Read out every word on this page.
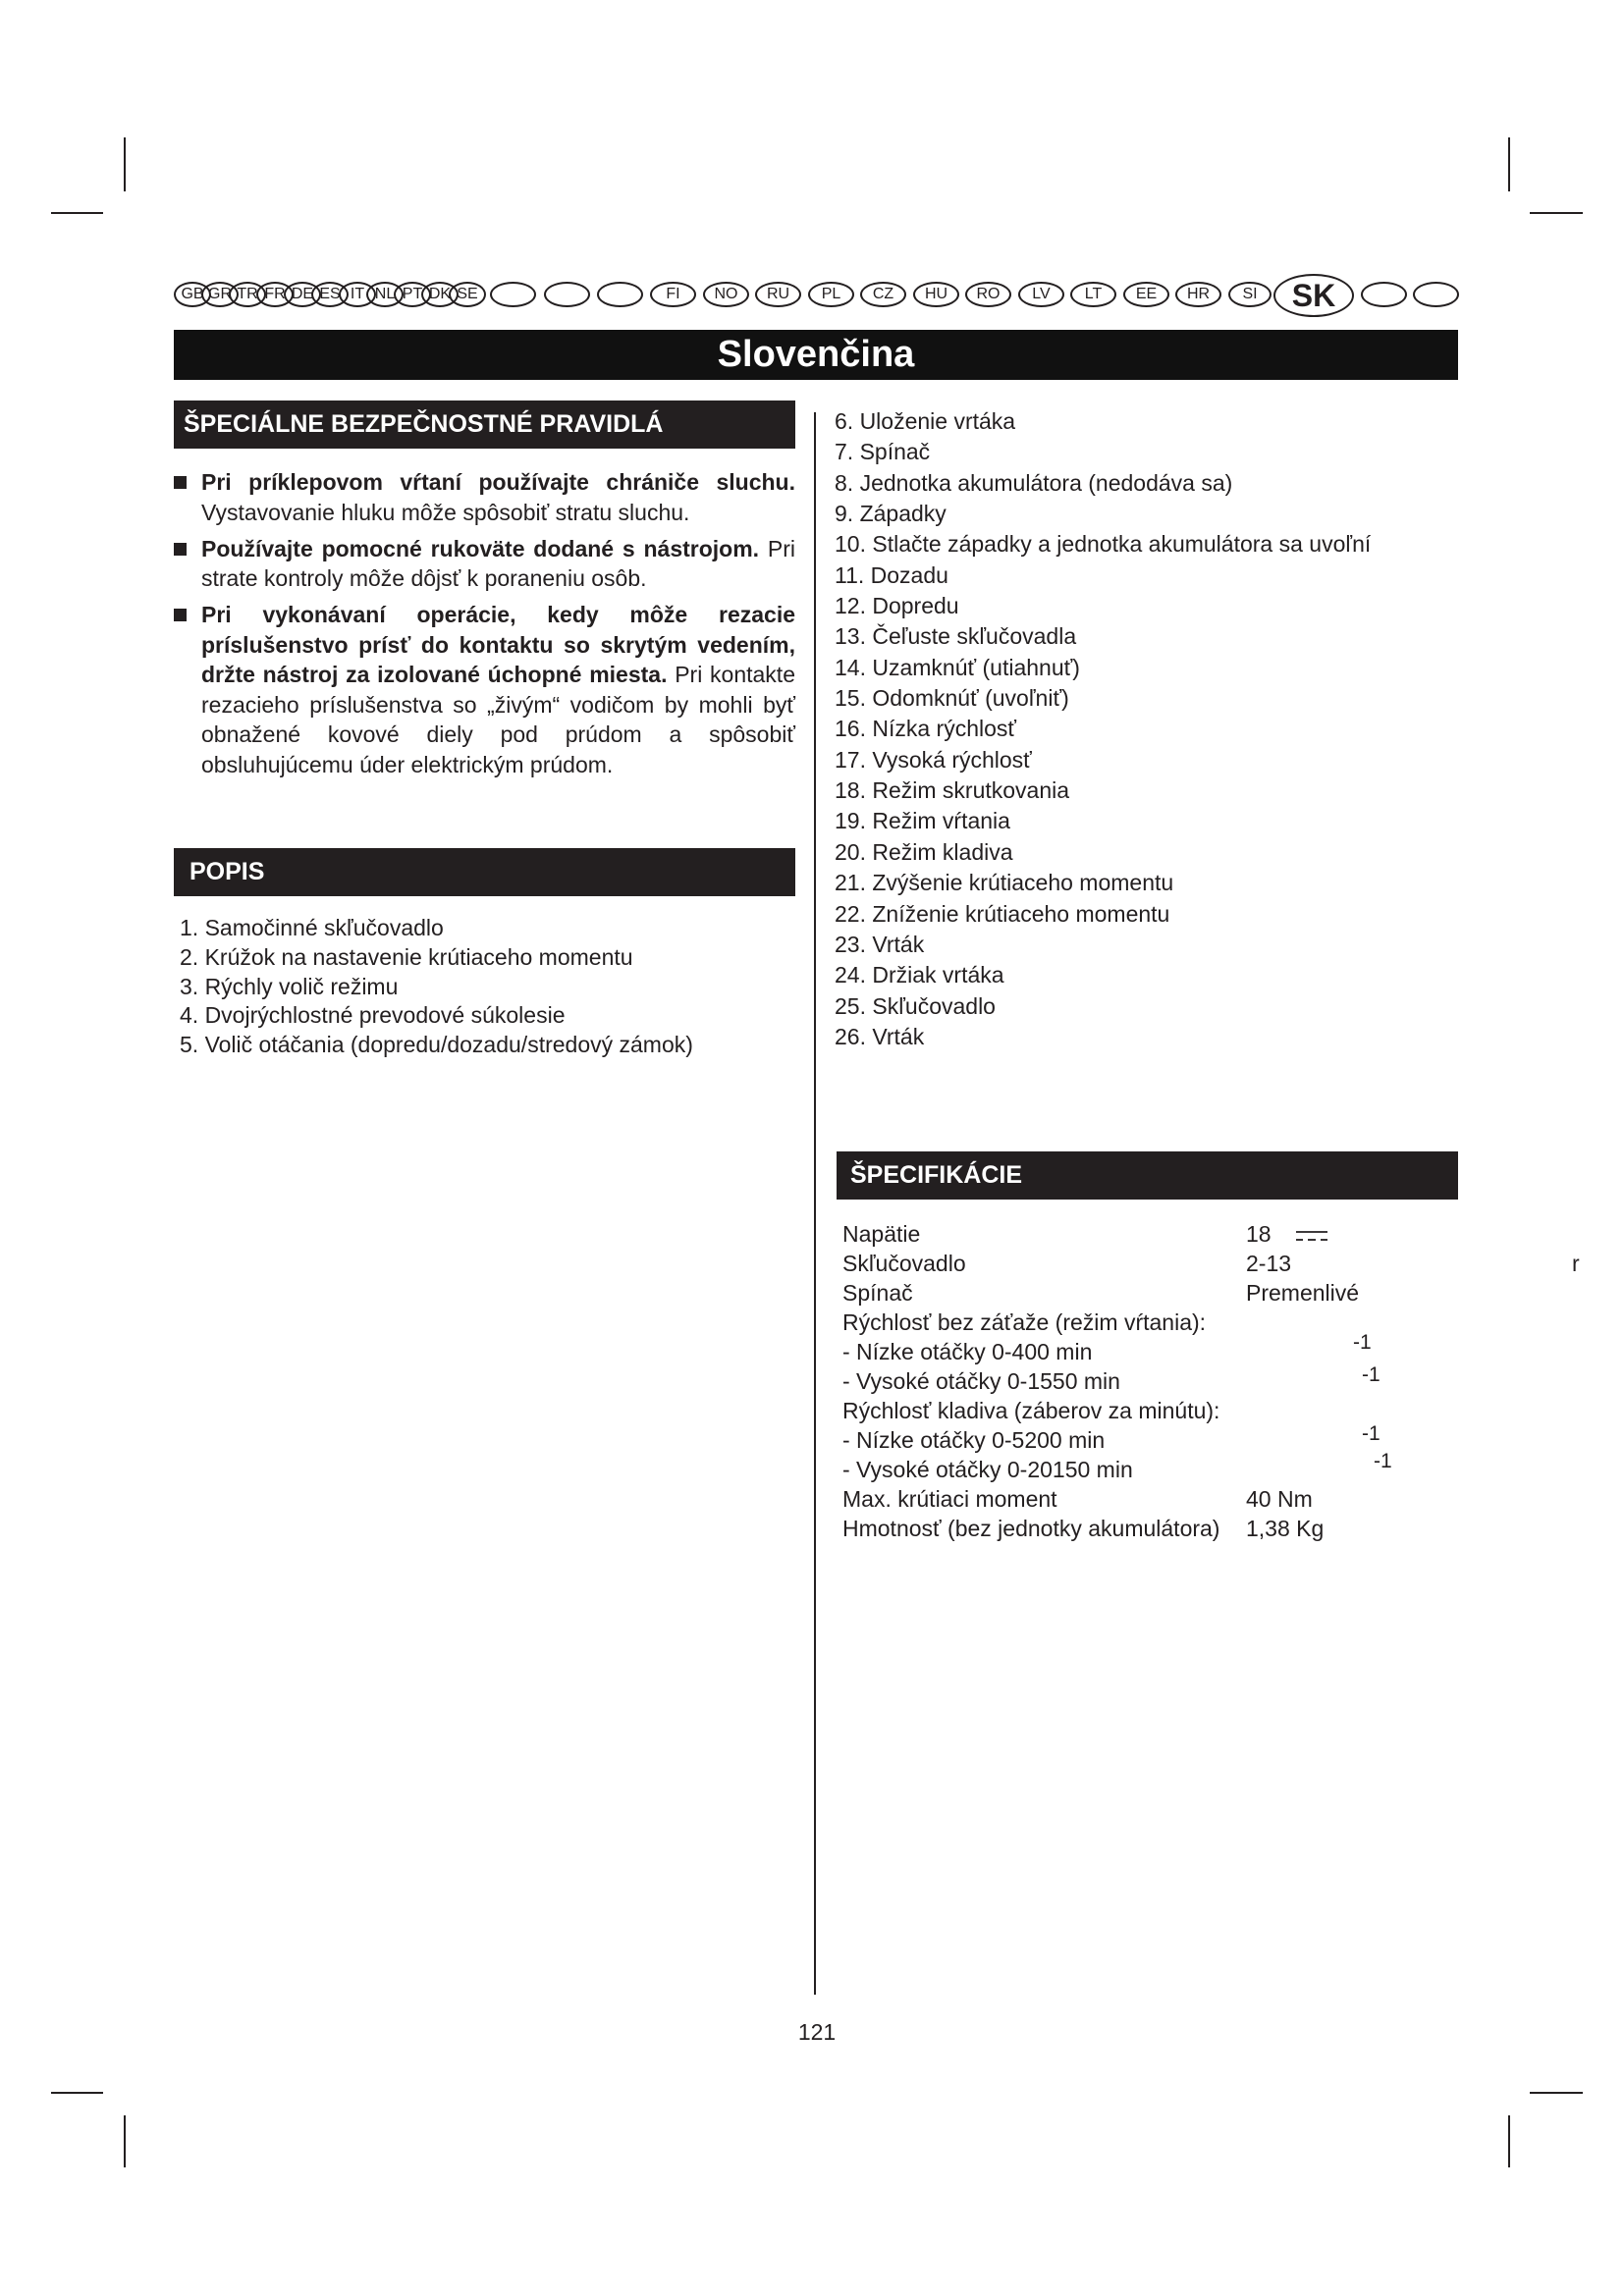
GB GR TR FR DE ES IT NL PT DK SE	FI	NO	RU	PL	CZ	HU	RO	LV	LT	EE	HR	SI	SK
Slovenčina
ŠPECIÁLNE BEZPEČNOSTNÉ PRAVIDLÁ
Pri príklepovom vŕtaní používajte chrániče sluchu. Vystavovanie hluku môže spôsobiť stratu sluchu.
Používajte pomocné rukoväte dodané s nástrojom. Pri strate kontroly môže dôjsť k poraneniu osôb.
Pri vykonávaní operácie, kedy môže rezacie príslušenstvo prísť do kontaktu so skrytým vedením, držte nástroj za izolované úchopné miesta. Pri kontakte rezacieho príslušenstva so „živým“ vodičom by mohli byť obnažené kovové diely pod prúdom a spôsobiť obsluhujúcemu úder elektrickým prúdom.
POPIS
1. Samočinné skľučovadlo
2. Krúžok na nastavenie krútiaceho momentu
3. Rýchly volič režimu
4. Dvojrýchlostné prevodové súkolesie
5. Volič otáčania (dopredu/dozadu/stredový zámok)
6. Uloženie vrtáka
7. Spínač
8. Jednotka akumulátora (nedodáva sa)
9. Západky
10. Stlačte západky a jednotka akumulátora sa uvoľní
11. Dozadu
12. Dopredu
13. Čeľuste skľučovadla
14. Uzamknúť (utiahnuť)
15. Odomknúť (uvoľniť)
16. Nízka rýchlosť
17. Vysoká rýchlosť
18. Režim skrutkovania
19. Režim vŕtania
20. Režim kladiva
21. Zvýšenie krútiaceho momentu
22. Zníženie krútiaceho momentu
23. Vrták
24. Držiak vrtáka
25. Skľučovadlo
26. Vrták
ŠPECIFIKÁCIE
Napätie	18
Skľučovadlo	2-13
Spínač	Premenlivé
Rýchlosť bez záťaže (režim vŕtania):
- Nízke otáčky 0-400 min	-1
- Vysoké otáčky 0-1550 min	-1
Rýchlosť kladiva (záberov za minútu):
- Nízke otáčky 0-5200 min	-1
- Vysoké otáčky 0-20150 min	-1
Max. krútiaci moment	40 Nm
Hmotnosť (bez jednotky akumulátora) 1,38 Kg
r
121
